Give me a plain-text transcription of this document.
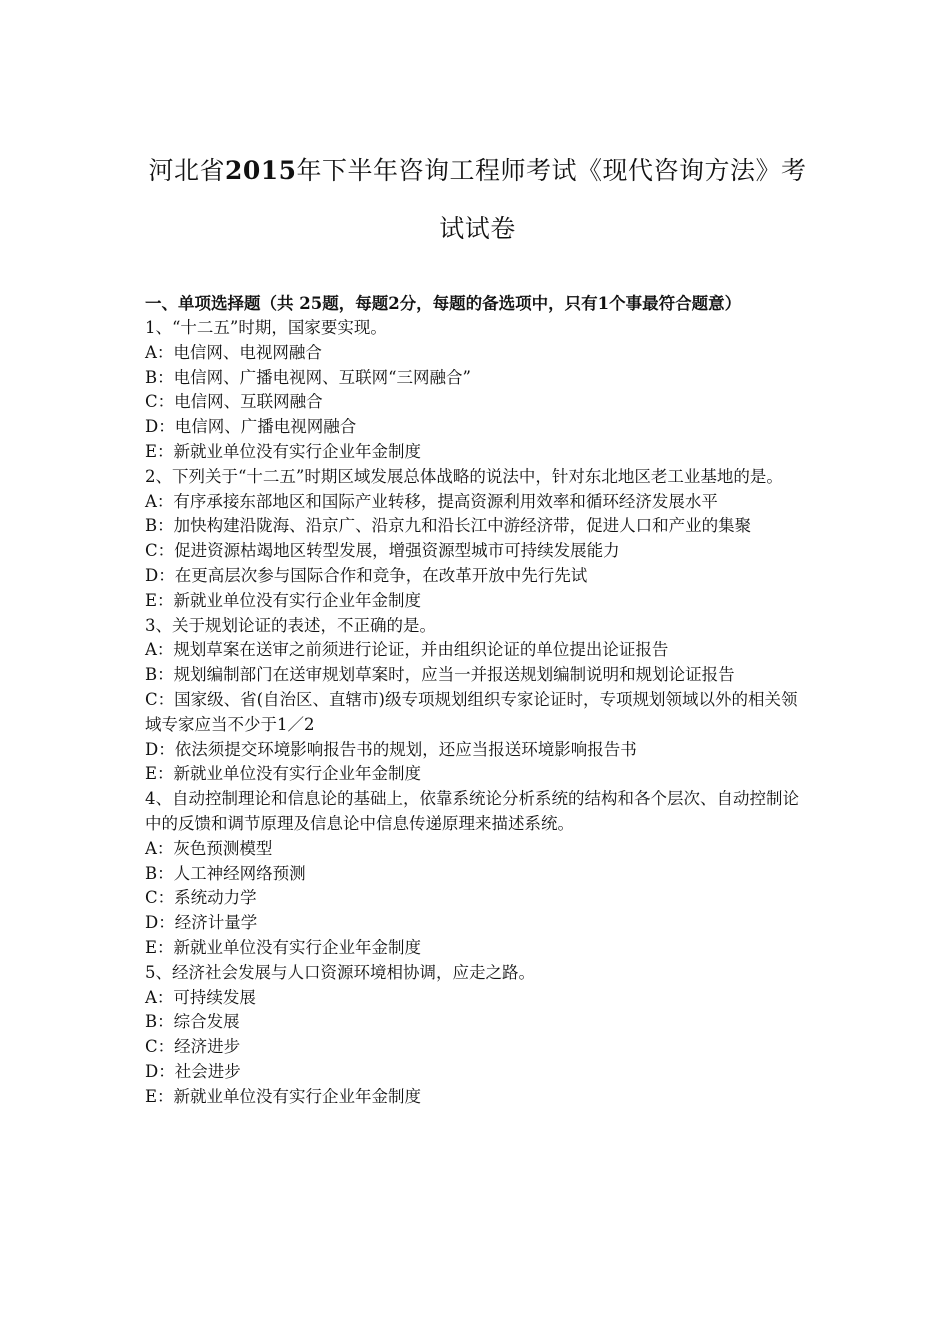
河北省2015年下半年咨询工程师考试《现代咨询方法》考
试试卷

一、单项选择题（共 25题，每题2分，每题的备选项中，只有1个事最符合题意）

1、“十二五”时期，国家要实现。

A：电信网、电视网融合

B：电信网、广播电视网、互联网“三网融合”

C：电信网、互联网融合

D：电信网、广播电视网融合

E：新就业单位没有实行企业年金制度

2、下列关于“十二五”时期区域发展总体战略的说法中，针对东北地区老工业基地的是。

A：有序承接东部地区和国际产业转移，提高资源利用效率和循环经济发展水平

B：加快构建沿陇海、沿京广、沿京九和沿长江中游经济带，促进人口和产业的集聚

C：促进资源枯竭地区转型发展，增强资源型城市可持续发展能力

D：在更高层次参与国际合作和竞争，在改革开放中先行先试

E：新就业单位没有实行企业年金制度

3、关于规划论证的表述，不正确的是。

A：规划草案在送审之前须进行论证，并由组织论证的单位提出论证报告

B：规划编制部门在送审规划草案时，应当一并报送规划编制说明和规划论证报告

C：国家级、省(自治区、直辖市)级专项规划组织专家论证时，专项规划领域以外的相关领域专家应当不少于1／2

D：依法须提交环境影响报告书的规划，还应当报送环境影响报告书

E：新就业单位没有实行企业年金制度

4、自动控制理论和信息论的基础上，依靠系统论分析系统的结构和各个层次、自动控制论中的反馈和调节原理及信息论中信息传递原理来描述系统。

A：灰色预测模型

B：人工神经网络预测

C：系统动力学

D：经济计量学

E：新就业单位没有实行企业年金制度

5、经济社会发展与人口资源环境相协调，应走之路。

A：可持续发展

B：综合发展

C：经济进步

D：社会进步

E：新就业单位没有实行企业年金制度
